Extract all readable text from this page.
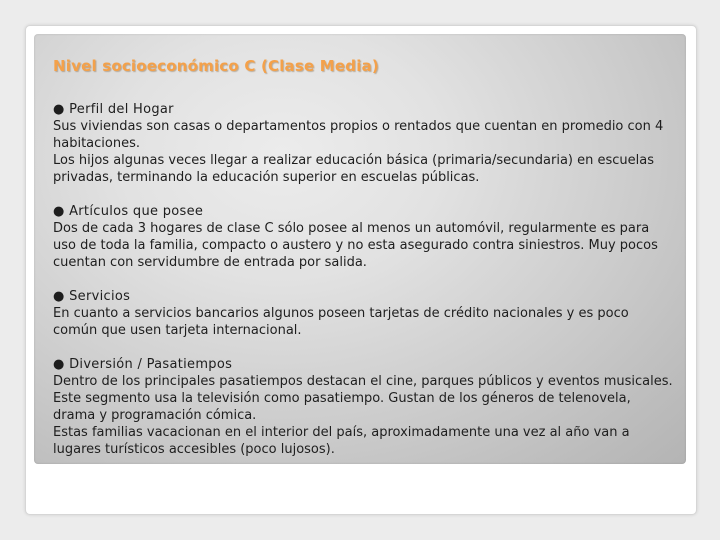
Nivel socioeconómico C (Clase Media)
● Perfil del Hogar
Sus viviendas son casas o departamentos propios o rentados que cuentan en promedio con 4 habitaciones.
Los hijos algunas veces llegar a realizar educación básica (primaria/secundaria) en escuelas privadas, terminando la educación superior en escuelas públicas.
● Artículos que posee
Dos de cada 3 hogares de clase C sólo posee al menos un automóvil, regularmente es para uso de toda la familia, compacto o austero y no esta asegurado contra siniestros. Muy pocos cuentan con servidumbre de entrada por salida.
● Servicios
En cuanto a servicios bancarios algunos poseen tarjetas de crédito nacionales y es poco común que usen tarjeta internacional.
● Diversión / Pasatiempos
Dentro de los principales pasatiempos destacan el cine, parques públicos y eventos musicales. Este segmento usa la televisión como pasatiempo. Gustan de los géneros de telenovela, drama y programación cómica.
Estas familias vacacionan en el interior del país, aproximadamente una vez al año van a lugares turísticos accesibles (poco lujosos).
